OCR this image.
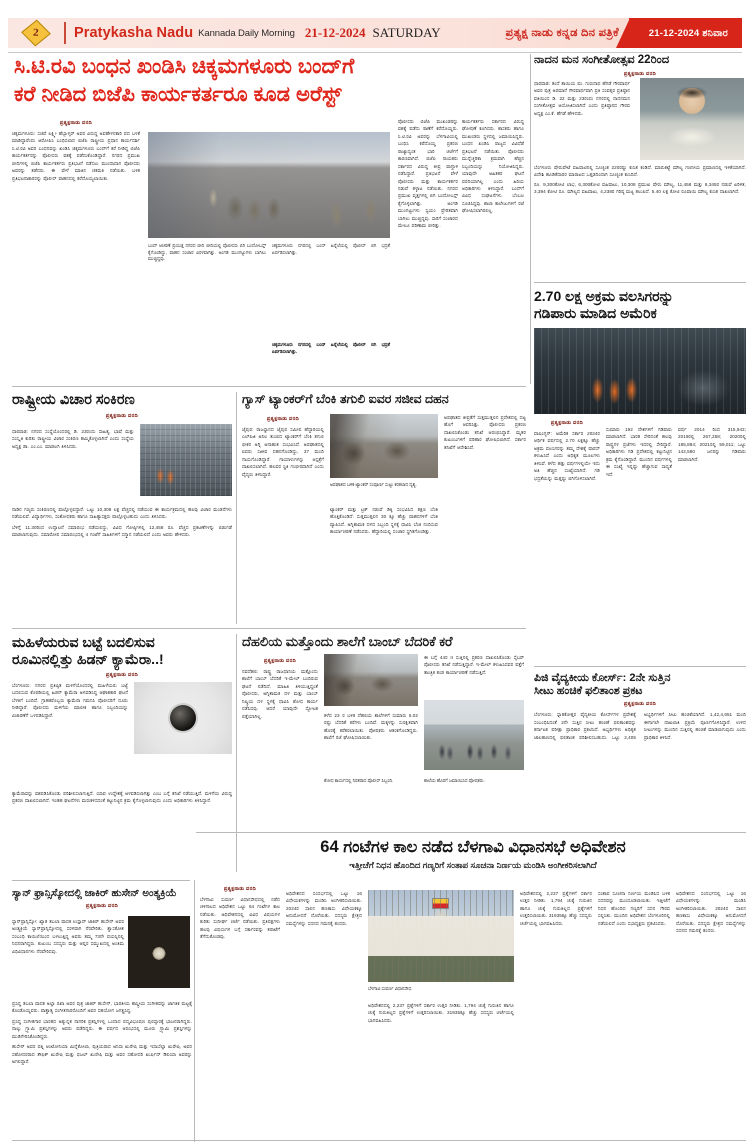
2 Pratykasha Nadu Kannada Daily Morning 21-12-2024 SATURDAY	ಪ್ರತ್ಯಕ್ಷ ನಾಡು ಕನ್ನಡ ದಿನ ಪತ್ರಿಕೆ	21-12-2024 ಶನಿವಾರ
ಸಿ.ಟಿ.ರವಿ ಬಂಧನ ಖಂಡಿಸಿ ಚಿಕ್ಕಮಗಳೂರು ಬಂದ್‌ಗೆ
ಕರೆ ನೀಡಿದ ಬಿಜೆಪಿ ಕಾರ್ಯಕರ್ತರೂ ಕೂಡ ಅರೆಸ್ಟ್
ಪ್ರತ್ಯಕ್ಷನಾಡು ವರದಿ
ಚಿಕ್ಕಮಗಳೂರು: ಸಚಿವೆ ಲಕ್ಷ್ಮೀ ಹೆಬ್ಬಾಳ್ಕರ್ ಅವರ ವಿರುದ್ಧ ಅವಹೇಳನಕಾರಿ ಪದ ಬಳಕೆ ಮಾಡಿದ್ದಾರೆಂದು ಆರೋಪಿಸಿ ಬಂಧಿಸಲಾದ ಬಿಜೆಪಿ ರಾಷ್ಟ್ರೀಯ ಪ್ರಧಾನ ಕಾರ್ಯದರ್ಶಿ ಸಿ.ಟಿ.ರವಿ ಅವರ ಬಂಧನವನ್ನು ಖಂಡಿಸಿ ಚಿಕ್ಕಮಗಳೂರು ಬಂದ್‌ಗೆ ಕರೆ ನೀಡಿದ್ದ ಬಿಜೆಪಿ ಕಾರ್ಯಕರ್ತರನ್ನು ಪೊಲೀಸರು ವಶಕ್ಕೆ ಪಡೆದುಕೊಂಡಿದ್ದಾರೆ. ನಗರದ ಪ್ರಮುಖ ಬೀದಿಗಳಲ್ಲಿ ಬಿಜೆಪಿ ಕಾರ್ಯಕರ್ತರು ಪ್ರತಿಭಟನೆ ನಡೆಸಲು ಮುಂದಾದಾಗ ಪೊಲೀಸರು ಅವರನ್ನು ತಡೆದರು. ಈ ವೇಳೆ ಮಾತಿನ ಚಕಮಕಿ ನಡೆಯಿತು. ಬಳಿಕ ಪ್ರತಿಭಟನಾಕಾರರನ್ನು ಪೊಲೀಸ್ ವಾಹನದಲ್ಲಿ ಕರೆದೊಯ್ಯಲಾಯಿತು.
ಬಂದ್ ಆಚರಣೆ ಪ್ರಯುಕ್ತ ನಗರದ ಬೀದಿ ಬೀದಿಯಲ್ಲಿ ಪೊಲೀಸರು ಬಿಗಿ ಬಂದೋಬಸ್ತ್ ಕೈಗೊಂಡಿದ್ದು, ವಾಹನ ಸಂಚಾರ ವಿರಳವಾಗಿತ್ತು. ಅಂಗಡಿ ಮುಂಗಟ್ಟುಗಳು ಬಾಗಿಲು ಮುಚ್ಚಿದ್ದವು.
ಚಿಕ್ಕಮಗಳೂರು ನಗರದಲ್ಲಿ ಬಂದ್ ಹಿನ್ನೆಲೆಯಲ್ಲಿ ಪೊಲೀಸ್ ಬಿಗಿ ಭದ್ರತೆ ಏರ್ಪಡಿಸಲಾಗಿತ್ತು.
ಚಿಕ್ಕಮಗಳೂರು ನಗರದಲ್ಲಿ ಬಂದ್ ಹಿನ್ನೆಲೆಯಲ್ಲಿ ಪೊಲೀಸ್ ಬಿಗಿ ಭದ್ರತೆ ಏರ್ಪಡಿಸಲಾಗಿತ್ತು.
ಪೊಲೀಸರು ಬಿಜೆಪಿ ಮುಖಂಡರನ್ನು ವಶಕ್ಕೆ ಪಡೆದು ಠಾಣೆಗೆ ಕರೆದೊಯ್ದರು. ಸಿ.ಟಿ.ರವಿ ಅವರನ್ನು ಬೆಳಗಾವಿಯಲ್ಲಿ ಬಂಧಿಸಿ ಕರೆದೊಯ್ದ ಪ್ರಕರಣ ರಾಜ್ಯಾದ್ಯಂತ ಭಾರಿ ಚರ್ಚೆಗೆ ಕಾರಣವಾಗಿದೆ. ಬಿಜೆಪಿ ನಾಯಕರು ಸರ್ಕಾರದ ವಿರುದ್ಧ ತೀವ್ರ ವಾಗ್ದಾಳಿ ನಡೆಸಿದ್ದಾರೆ. ಪ್ರತಿಭಟನೆ ವೇಳೆ ಪೊಲೀಸರು ಮತ್ತು ಕಾರ್ಯಕರ್ತರ ನಡುವೆ ತಳ್ಳಾಟ ನಡೆಯಿತು. ನಗರದ ಪ್ರಮುಖ ವೃತ್ತಗಳಲ್ಲಿ ಬಿಗಿ ಬಂದೋಬಸ್ತ್ ಕೈಗೊಳ್ಳಲಾಗಿತ್ತು. ಅಂಗಡಿ ಮುಂಗಟ್ಟುಗಳು ಸ್ವಯಂ ಪ್ರೇರಿತವಾಗಿ ಬಾಗಿಲು ಮುಚ್ಚಿದ್ದವು. ಸಾರಿಗೆ ಸಂಚಾರದ ಮೇಲೂ ಪರಿಣಾಮ ಬೀರಿತ್ತು.
ಕಾರ್ಯಕರ್ತರು ಸರ್ಕಾರದ ವಿರುದ್ಧ ಘೋಷಣೆ ಕೂಗಿದರು. ಶಾಸಕರು ಹಾಗೂ ಮುಖಂಡರು ಸ್ಥಳದಲ್ಲಿ ಜಮಾಯಿಸಿದ್ದರು. ಬಂಧನ ಖಂಡಿಸಿ ರಾಜ್ಯದ ವಿವಿಧೆಡೆ ಪ್ರತಿಭಟನೆ ನಡೆಯಿತು. ಪೊಲೀಸರು ಮುನ್ನೆಚ್ಚರಿಕಾ ಕ್ರಮವಾಗಿ ಹೆಚ್ಚಿನ ಸಿಬ್ಬಂದಿಯನ್ನು ನಿಯೋಜಿಸಿದ್ದರು. ಯಾವುದೇ ಅಹಿತಕರ ಘಟನೆ ವರದಿಯಾಗಿಲ್ಲ ಎಂದು ಹಿರಿಯ ಅಧಿಕಾರಿಗಳು ತಿಳಿಸಿದ್ದಾರೆ. ಬಂದ್‌ಗೆ ವಿವಿಧ ಸಂಘಟನೆಗಳು ಬೆಂಬಲ ಸೂಚಿಸಿದ್ದವು. ಶಾಲಾ ಕಾಲೇಜುಗಳಿಗೆ ರಜೆ ಘೋಷಿಸಲಾಗಿರಲಿಲ್ಲ.
ನಾದನ ಮನ ಸಂಗೀತೋತ್ಸವ 22ರಿಂದ
ಪ್ರತ್ಯಕ್ಷನಾಡು ವರದಿ
ಧಾರವಾಡ: ತಂದೆ ತಾಯಿಯ ಪಂ. ಗುರುನಾಥ ಹೆಗಡೆ ಗೌರವಾರ್ಥ ಅವರ ಪುತ್ರ ಅರಮಾನೆ ಗೌರವಾರ್ಥವಾಗಿ ಪ್ರತಿ ಸಂವತ್ಸರ ಪ್ರತಿಷ್ಠಾನ ವತಿಯಿಂದ ಡಿ. 22 ಮತ್ತು 23ರಂದು ನಗರದಲ್ಲಿ ನಾದನಮನ ಸಂಗೀತೋತ್ಸವ ಆಯೋಜಿಸಲಾಗಿದೆ ಎಂದು ಪ್ರತಿಷ್ಠಾನದ ಗೌರವ ಅಧ್ಯಕ್ಷ ಎಂ.ಕೆ. ಹೆಗಡೆ ಹೇಳಿದರು.
ಬೆಂಗಳೂರು ಷೇರುಪೇಟೆ ವಹಿವಾಟಿನಲ್ಲಿ ಸೂಚ್ಯಂಕ 220ರಷ್ಟು ಕುಸಿತ ಕಂಡಿದೆ. ಮಾರುಕಟ್ಟೆ ಮೌಲ್ಯ ಗಣನೀಯ ಪ್ರಮಾಣದಲ್ಲಿ ಇಳಿಕೆಯಾಗಿದೆ. ವಿದೇಶಿ ಹೂಡಿಕೆದಾರರ ಮಾರಾಟದ ಒತ್ತಡದಿಂದಾಗಿ ಸೂಚ್ಯಂಕ ಕುಸಿದಿದೆ.
ರೂ. 9,300ಕೋಟಿ ಲಾಭ, 6,300ಕೋಟಿ ವಹಿವಾಟು, 10,308 ಪ್ರಮುಖ ಷೇರು ಮೌಲ್ಯ, 11,458 ಮತ್ತು 8,345ರ ನಡುವೆ ಏರಿಳಿತ, 3,394 ಕೋಟಿ ರೂ. ಮೌಲ್ಯದ ವಹಿವಾಟು, 4,238ರ ಗರಿಷ್ಠ ಮಟ್ಟ ತಲುಪಿದೆ. 5.40 ಲಕ್ಷ ಕೋಟಿ ರೂಪಾಯಿ ಮೌಲ್ಯ ಕುಸಿತ ದಾಖಲಾಗಿದೆ.
2.70 ಲಕ್ಷ ಅಕ್ರಮ ವಲಸಿಗರನ್ನು
ಗಡಿಪಾರು ಮಾಡಿದ ಅಮೆರಿಕ
ಪ್ರತ್ಯಕ್ಷನಾಡು ವರದಿ
ವಾಷಿಂಗ್ಟನ್: ಅಮೆರಿಕ ಸರ್ಕಾರ 2024ರ ಆರ್ಥಿಕ ವರ್ಷದಲ್ಲಿ 2.70 ಲಕ್ಷಕ್ಕೂ ಹೆಚ್ಚು ಅಕ್ರಮ ವಲಸಿಗರನ್ನು ತಮ್ಮ ದೇಶಕ್ಕೆ ವಾಪಸ್ ಕಳುಹಿಸಿದೆ ಎಂದು ಅಧಿಕೃತ ಮೂಲಗಳು ತಿಳಿಸಿವೆ. ಕಳೆದ ಹತ್ತು ವರ್ಷಗಳಲ್ಲಿಯೇ ಇದು ಅತಿ ಹೆಚ್ಚಿನ ಸಂಖ್ಯೆಯಾಗಿದೆ. ಗಡಿ ಭದ್ರತೆಯನ್ನು ಮತ್ತಷ್ಟು ಬಿಗಿಗೊಳಿಸಲಾಗಿದೆ.
ಸುಮಾರು 192 ದೇಶಗಳಿಗೆ ಗಡಿಪಾರು ಮಾಡಲಾಗಿದೆ. ಭಾರತ ಸೇರಿದಂತೆ ಹಲವು ರಾಷ್ಟ್ರಗಳ ಪ್ರಜೆಗಳು ಇದರಲ್ಲಿ ಸೇರಿದ್ದಾರೆ. ಅಧಿಕಾರಿಗಳು ಗಡಿ ಪ್ರದೇಶದಲ್ಲಿ ಕಟ್ಟುನಿಟ್ಟಿನ ಕ್ರಮ ಕೈಗೊಂಡಿದ್ದಾರೆ. ಮುಂದಿನ ವರ್ಷಗಳಲ್ಲಿ ಈ ಸಂಖ್ಯೆ ಇನ್ನಷ್ಟು ಹೆಚ್ಚಾಗುವ ಸಾಧ್ಯತೆ ಇದೆ.
ವರ್ಷ 2014 ರಿಂದ 315,943; 2019ರಲ್ಲಿ 267,258; 2020ರಲ್ಲಿ 185,884; 2021ರಲ್ಲಿ 59,011; ಒಟ್ಟು 142,580 ಜನರನ್ನು ಗಡಿಪಾರು ಮಾಡಲಾಗಿದೆ.
ಪಿಜಿ ವೈದ್ಯಕೀಯ ಕೋರ್ಸ್: 2ನೇ ಸುತ್ತಿನ
ಸೀಟು ಹಂಚಿಕೆ ಫಲಿತಾಂಶ ಪ್ರಕಟ
ಪ್ರತ್ಯಕ್ಷನಾಡು ವರದಿ
ಬೆಂಗಳೂರು: ಸ್ನಾತಕೋತ್ತರ ವೈದ್ಯಕೀಯ ಕೋರ್ಸ್‌ಗಳ ಪ್ರವೇಶಕ್ಕೆ ಸಂಬಂಧಿಸಿದಂತೆ 2ನೇ ಸುತ್ತಿನ ಸೀಟು ಹಂಚಿಕೆ ಫಲಿತಾಂಶವನ್ನು ಕರ್ನಾಟಕ ಪರೀಕ್ಷಾ ಪ್ರಾಧಿಕಾರ ಪ್ರಕಟಿಸಿದೆ. ಅಭ್ಯರ್ಥಿಗಳು ಅಧಿಕೃತ ಜಾಲತಾಣದಲ್ಲಿ ಫಲಿತಾಂಶ ಪರಿಶೀಲಿಸಬಹುದು. ಒಟ್ಟು 2,405 ಅಭ್ಯರ್ಥಿಗಳಿಗೆ ಸೀಟು ಹಂಚಿಕೆಯಾಗಿದೆ. 1,42,4,651 ಮಂದಿ ಈಗಾಗಲೇ ದಾಖಲಾತಿ ಪ್ರಕ್ರಿಯೆ ಪೂರ್ಣಗೊಳಿಸಿದ್ದಾರೆ. ಉಳಿದ ಸೀಟುಗಳನ್ನು ಮುಂದಿನ ಸುತ್ತಿನಲ್ಲಿ ಹಂಚಿಕೆ ಮಾಡಲಾಗುವುದು ಎಂದು ಪ್ರಾಧಿಕಾರ ತಿಳಿಸಿದೆ.
ರಾಷ್ಟ್ರೀಯ ವಿಚಾರ ಸಂಕಿರಣ
ಪ್ರತ್ಯಕ್ಷನಾಡು ವರದಿ
ಧಾರವಾಡ: ನಗರದ ಸಂಸ್ಥೆಯೊಂದರಲ್ಲಿ ಡಿ. 23ರಂದು ಸಾಹಿತ್ಯ, ಭಾಷೆ ಮತ್ತು ಸಂಸ್ಕೃತಿ ಕುರಿತು ರಾಷ್ಟ್ರೀಯ ವಿಚಾರ ಸಂಕಿರಣ ಹಮ್ಮಿಕೊಳ್ಳಲಾಗಿದೆ ಎಂದು ಸಂಸ್ಥೆಯ ಅಧ್ಯಕ್ಷ ಡಾ. ಎಂ.ಎಂ. ಮಾಡಲಗಿ ತಿಳಿಸಿದರು.
ನಾಡಿನ ಗಣ್ಯರು ಸಂಕಿರಣದಲ್ಲಿ ಪಾಲ್ಗೊಳ್ಳಲಿದ್ದಾರೆ. ಒಟ್ಟು 10,308 ಲಕ್ಷ ವೆಚ್ಚದಲ್ಲಿ ನಡೆಯುವ ಈ ಕಾರ್ಯಕ್ರಮದಲ್ಲಿ ಹಲವು ವಿಚಾರ ಮಂಡನೆಗಳು ನಡೆಯಲಿವೆ. ವಿದ್ಯಾರ್ಥಿಗಳು, ಸಂಶೋಧಕರು ಹಾಗೂ ಸಾಹಿತ್ಯಾಸಕ್ತರು ಪಾಲ್ಗೊಳ್ಳಬಹುದು ಎಂದು ತಿಳಿಸಿದರು.
ಬೆಳಿಗ್ಗೆ 11.30ರಿಂದ ಉದ್ಘಾಟನೆ ಸಮಾರಂಭ ನಡೆಯಲಿದ್ದು, ವಿವಿಧ ಗೋಷ್ಠಿಗಳಲ್ಲಿ 12,458 ರೂ. ವೆಚ್ಚದ ಪ್ರಕಟಣೆಗಳನ್ನು ಬಿಡುಗಡೆ ಮಾಡಲಾಗುವುದು. ಸಮಾರೋಪ ಸಮಾರಂಭದಲ್ಲಿ 4 ಗಂಟೆಗೆ ಸಾಹಿತಿಗಳಿಗೆ ಸನ್ಮಾನ ನಡೆಯಲಿದೆ ಎಂದು ಅವರು ಹೇಳಿದರು.
ಗ್ಯಾಸ್ ಟ್ಯಾಂಕರ್‌ಗೆ ಬೆಂಕಿ ತಗುಲಿ ಐವರ ಸಜೀವ ದಹನ
ಪ್ರತ್ಯಕ್ಷನಾಡು ವರದಿ
ಜೈಪುರ: ರಾಜಸ್ಥಾನದ ಜೈಪುರ ಸಮೀಪ ಹೆದ್ದಾರಿಯಲ್ಲಿ ಎಲ್‌ಪಿಜಿ ಅನಿಲ ತುಂಬಿದ ಟ್ಯಾಂಕರ್‌ಗೆ ಬೆಂಕಿ ತಗುಲಿ ಭೀಕರ ಅಗ್ನಿ ಅನಾಹುತ ಸಂಭವಿಸಿದೆ. ಅಪಘಾತದಲ್ಲಿ ಐವರು ಸಜೀವ ದಹನಗೊಂಡಿದ್ದು, 37 ಮಂದಿ ಗಾಯಗೊಂಡಿದ್ದಾರೆ. ಗಾಯಾಳುಗಳನ್ನು ಆಸ್ಪತ್ರೆಗೆ ದಾಖಲಿಸಲಾಗಿದೆ. ಹಲವರ ಸ್ಥಿತಿ ಗಂಭೀರವಾಗಿದೆ ಎಂದು ವೈದ್ಯರು ತಿಳಿಸಿದ್ದಾರೆ.
ಅಪಘಾತದ ಬಳಿಕ ಟ್ಯಾಂಕರ್ ಸಂಪೂರ್ಣ ಸುಟ್ಟು ಕರಕಲಾದ ದೃಶ್ಯ.
ಟ್ಯಾಂಕರ್ ಮತ್ತು ಟ್ರಕ್ ನಡುವೆ ಡಿಕ್ಕಿ ಸಂಭವಿಸಿದ ತಕ್ಷಣ ಬೆಂಕಿ ಹೊತ್ತಿಕೊಂಡಿದೆ. ಸುತ್ತಮುತ್ತಲಿನ 30 ಕ್ಕೂ ಹೆಚ್ಚು ವಾಹನಗಳಿಗೆ ಬೆಂಕಿ ವ್ಯಾಪಿಸಿದೆ. ಅಗ್ನಿಶಾಮಕ ದಳದ ಸಿಬ್ಬಂದಿ ಸ್ಥಳಕ್ಕೆ ಧಾವಿಸಿ ಬೆಂಕಿ ನಂದಿಸುವ ಕಾರ್ಯಾಚರಣೆ ನಡೆಸಿದರು. ಹೆದ್ದಾರಿಯಲ್ಲಿ ಸಂಚಾರ ಸ್ಥಗಿತಗೊಂಡಿತ್ತು.
ಅಪಘಾತದ ತೀವ್ರತೆಗೆ ಸುತ್ತಮುತ್ತಲಿನ ಪ್ರದೇಶದಲ್ಲಿ ದಟ್ಟ ಹೊಗೆ ಆವರಿಸಿತ್ತು. ಪೊಲೀಸರು ಪ್ರಕರಣ ದಾಖಲಿಸಿಕೊಂಡು ತನಿಖೆ ಆರಂಭಿಸಿದ್ದಾರೆ. ಮೃತರ ಕುಟುಂಬಗಳಿಗೆ ಪರಿಹಾರ ಘೋಷಿಸಲಾಗಿದೆ. ಸರ್ಕಾರ ತನಿಖೆಗೆ ಆದೇಶಿಸಿದೆ.
ಮಹಿಳೆಯರುವ ಬಟ್ಟೆ ಬದಲಿಸುವ
ರೂಮಿನಲ್ಲಿತ್ತು ಹಿಡನ್ ಕ್ಯಾಮೆರಾ..!
ಪ್ರತ್ಯಕ್ಷನಾಡು ವರದಿ
ಬೆಂಗಳೂರು: ನಗರದ ಪ್ರತಿಷ್ಠಿತ ಮಳಿಗೆಯೊಂದರಲ್ಲಿ ಮಹಿಳೆಯರು ಬಟ್ಟೆ ಬದಲಿಸುವ ಕೊಠಡಿಯಲ್ಲಿ ಹಿಡನ್ ಕ್ಯಾಮೆರಾ ಅಳವಡಿಸಿದ್ದ ಆಘಾತಕಾರಿ ಘಟನೆ ಬೆಳಕಿಗೆ ಬಂದಿದೆ. ಗ್ರಾಹಕರೊಬ್ಬರು ಕ್ಯಾಮೆರಾ ಗಮನಿಸಿ ಪೊಲೀಸರಿಗೆ ದೂರು ನೀಡಿದ್ದಾರೆ. ಪೊಲೀಸರು ಮಳಿಗೆಯ ಮಾಲೀಕ ಹಾಗೂ ಸಿಬ್ಬಂದಿಯನ್ನು ವಿಚಾರಣೆಗೆ ಒಳಪಡಿಸಿದ್ದಾರೆ.
ಕ್ಯಾಮೆರಾವನ್ನು ವಶಪಡಿಸಿಕೊಂಡು ಪರಿಶೀಲಿಸಲಾಗುತ್ತಿದೆ. ಯಾವ ಉದ್ದೇಶಕ್ಕೆ ಅಳವಡಿಸಲಾಗಿತ್ತು ಎಂಬ ಬಗ್ಗೆ ತನಿಖೆ ನಡೆಯುತ್ತಿದೆ. ಮಳಿಗೆಯ ವಿರುದ್ಧ ಪ್ರಕರಣ ದಾಖಲಿಸಲಾಗಿದೆ. ಇಂತಹ ಘಟನೆಗಳು ಮರುಕಳಿಸದಂತೆ ಕಟ್ಟುನಿಟ್ಟಿನ ಕ್ರಮ ಕೈಗೊಳ್ಳಲಾಗುವುದು ಎಂದು ಅಧಿಕಾರಿಗಳು ತಿಳಿಸಿದ್ದಾರೆ.
ದೆಹಲಿಯ ಮತ್ತೊಂದು ಶಾಲೆಗೆ ಬಾಂಬ್ ಬೆದರಿಕೆ ಕರೆ
ಪ್ರತ್ಯಕ್ಷನಾಡು ವರದಿ
ನವದೆಹಲಿ: ರಾಷ್ಟ್ರ ರಾಜಧಾನಿಯ ಮತ್ತೊಂದು ಶಾಲೆಗೆ ಬಾಂಬ್ ಬೆದರಿಕೆ ಇ-ಮೇಲ್ ಬಂದಿರುವ ಘಟನೆ ನಡೆದಿದೆ. ಮಾಹಿತಿ ತಿಳಿಯುತ್ತಿದ್ದಂತೆ ಪೊಲೀಸರು, ಅಗ್ನಿಶಾಮಕ ದಳ ಮತ್ತು ಬಾಂಬ್ ನಿಷ್ಕ್ರಿಯ ದಳ ಸ್ಥಳಕ್ಕೆ ಧಾವಿಸಿ ಶೋಧ ಕಾರ್ಯ ನಡೆಸಿದವು. ಆದರೆ ಯಾವುದೇ ಸ್ಫೋಟಕ ಪತ್ತೆಯಾಗಿಲ್ಲ.	ಕಳೆದ 23 ರ ಬಳಿಕ ದೆಹಲಿಯ ಶಾಲೆಗಳಿಗೆ ಸುಮಾರು 5.02 ರಷ್ಟು ಬೆದರಿಕೆ ಕರೆಗಳು ಬಂದಿವೆ. ಮಕ್ಕಳನ್ನು ಸುರಕ್ಷಿತವಾಗಿ ಹೊರಕ್ಕೆ ಕರೆತರಲಾಯಿತು. ಪೋಷಕರು ಆತಂಕಗೊಂಡಿದ್ದರು. ಶಾಲೆಗೆ ರಜೆ ಘೋಷಿಸಲಾಯಿತು.
ಶೋಧ ಕಾರ್ಯದಲ್ಲಿ ನಿರತರಾದ ಪೊಲೀಸ್ ಸಿಬ್ಬಂದಿ.	ಶಾಲೆಯ ಹೊರಗೆ ಜಮಾಯಿಸಿದ ಪೋಷಕರು.
ಈ ಬಗ್ಗೆ 44ರ II ಸುತ್ತಿನಲ್ಲಿ ಪ್ರಕರಣ ದಾಖಲಿಸಿಕೊಂಡು ಸೈಬರ್ ಪೊಲೀಸರು ತನಿಖೆ ನಡೆಸುತ್ತಿದ್ದಾರೆ. ಇ-ಮೇಲ್ ಕಳುಹಿಸಿದವರ ಪತ್ತೆಗೆ ತಾಂತ್ರಿಕ ತಂಡ ಕಾರ್ಯಾಚರಣೆ ನಡೆಸುತ್ತಿದೆ.
64 ಗಂಟೆಗಳ ಕಾಲ ನಡೆದ ಬೆಳಗಾವಿ ವಿಧಾನಸಭೆ ಅಧಿವೇಶನ
ಇತ್ತೀಚೆಗೆ ನಿಧನ ಹೊಂದಿದ ಗಣ್ಯರಿಗೆ ಸಂತಾಪ ಸೂಚನಾ ನಿರ್ಣಯ ಮಂಡಿಸಿ ಅಂಗೀಕರಿಸಲಾಗಿದೆ
ಪ್ರತ್ಯಕ್ಷನಾಡು ವರದಿ
ಬೆಳಗಾವಿ: ಸುವರ್ಣ ವಿಧಾನಸೌಧದಲ್ಲಿ ನಡೆದ ಚಳಿಗಾಲದ ಅಧಿವೇಶನ ಒಟ್ಟು 64 ಗಂಟೆಗಳ ಕಾಲ ನಡೆಯಿತು. ಅಧಿವೇಶನದಲ್ಲಿ ವಿವಿಧ ವಿಷಯಗಳ ಕುರಿತು ಸುದೀರ್ಘ ಚರ್ಚೆ ನಡೆಯಿತು. ಪ್ರತಿಪಕ್ಷಗಳು ಹಲವು ವಿಷಯಗಳ ಬಗ್ಗೆ ಸರ್ಕಾರವನ್ನು ತರಾಟೆಗೆ ತೆಗೆದುಕೊಂಡವು.
ಅಧಿವೇಶನದ ಸಂದರ್ಭದಲ್ಲಿ ಒಟ್ಟು 16 ವಿಧೇಯಕಗಳನ್ನು ಮಂಡಿಸಿ ಅಂಗೀಕರಿಸಲಾಯಿತು. 2024ರ ಸಾಲಿನ ಹಣಕಾಸು ವಿಧೇಯಕಕ್ಕೂ ಅನುಮೋದನೆ ದೊರೆಯಿತು. ಸದಸ್ಯರು ಕ್ಷೇತ್ರದ ಸಮಸ್ಯೆಗಳನ್ನು ಸದನದ ಗಮನಕ್ಕೆ ತಂದರು.
ಬೆಳಗಾವಿ ಸುವರ್ಣ ವಿಧಾನಸೌಧ.
ಅಧಿವೇಶನದಲ್ಲಿ 2,237 ಪ್ರಶ್ನೆಗಳಿಗೆ ಸರ್ಕಾರ ಉತ್ತರ ನೀಡಿತು. 1,794 ಚುಕ್ಕೆ ಗುರುತಿನ ಹಾಗೂ ಚುಕ್ಕೆ ಗುರುತಿಲ್ಲದ ಪ್ರಶ್ನೆಗಳಿಗೆ ಉತ್ತರಿಸಲಾಯಿತು. 31935ಕ್ಕೂ ಹೆಚ್ಚು ಸದಸ್ಯರು ಚರ್ಚೆಯಲ್ಲಿ ಭಾಗವಹಿಸಿದರು.
ಅಧಿವೇಶನದಲ್ಲಿ 2,237 ಪ್ರಶ್ನೆಗಳಿಗೆ ಸರ್ಕಾರ ಉತ್ತರ ನೀಡಿತು. 1,794 ಚುಕ್ಕೆ ಗುರುತಿನ ಹಾಗೂ ಚುಕ್ಕೆ ಗುರುತಿಲ್ಲದ ಪ್ರಶ್ನೆಗಳಿಗೆ ಉತ್ತರಿಸಲಾಯಿತು. 31935ಕ್ಕೂ ಹೆಚ್ಚು ಸದಸ್ಯರು ಚರ್ಚೆಯಲ್ಲಿ ಭಾಗವಹಿಸಿದರು.
ಸಂತಾಪ ಸೂಚನಾ ನಿರ್ಣಯ ಮಂಡಿಸಿದ ಬಳಿಕ ಸದನವನ್ನು ಮುಂದೂಡಲಾಯಿತು. ಇತ್ತೀಚೆಗೆ ನಿಧನ ಹೊಂದಿದ ಗಣ್ಯರಿಗೆ ಸದನ ಗೌರವ ಸಲ್ಲಿಸಿತು. ಮುಂದಿನ ಅಧಿವೇಶನ ಬೆಂಗಳೂರಿನಲ್ಲಿ ನಡೆಯಲಿದೆ ಎಂದು ಸಭಾಧ್ಯಕ್ಷರು ಪ್ರಕಟಿಸಿದರು.
ಅಧಿವೇಶನದ ಸಂದರ್ಭದಲ್ಲಿ ಒಟ್ಟು 16 ವಿಧೇಯಕಗಳನ್ನು ಮಂಡಿಸಿ ಅಂಗೀಕರಿಸಲಾಯಿತು. 2024ರ ಸಾಲಿನ ಹಣಕಾಸು ವಿಧೇಯಕಕ್ಕೂ ಅನುಮೋದನೆ ದೊರೆಯಿತು. ಸದಸ್ಯರು ಕ್ಷೇತ್ರದ ಸಮಸ್ಯೆಗಳನ್ನು ಸದನದ ಗಮನಕ್ಕೆ ತಂದರು.
ಸ್ಯಾನ್ ಫ್ರಾನ್ಸಿಸ್ಕೋದಲ್ಲಿ ಜಾಕಿರ್ ಹುಸೇನ್ ಅಂತ್ಯಕ್ರಿಯೆ
ಪ್ರತ್ಯಕ್ಷನಾಡು ವರದಿ
ಸ್ಯಾನ್‌ಫ್ರಾನ್ಸಿಸ್ಕೋ: ಖ್ಯಾತ ತಬಲಾ ವಾದಕ ಉಸ್ತಾದ್ ಜಾಕಿರ್ ಹುಸೇನ್ ಅವರ ಅಂತ್ಯಕ್ರಿಯೆ ಸ್ಯಾನ್‌ಫ್ರಾನ್ಸಿಸ್ಕೋದಲ್ಲಿ ಸರಳವಾಗಿ ನೆರವೇರಿತು. ಶ್ವಾಸಕೋಶ ಸಂಬಂಧಿ ಕಾಯಿಲೆಯಿಂದ ಬಳಲುತ್ತಿದ್ದ ಅವರು ತಮ್ಮ 73ನೇ ವಯಸ್ಸಿನಲ್ಲಿ ನಿಧನರಾಗಿದ್ದರು. ಕುಟುಂಬ ಸದಸ್ಯರು ಮತ್ತು ಆಪ್ತರ ಸಮ್ಮುಖದಲ್ಲಿ ಅಂತಿಮ ವಿಧಿವಿಧಾನಗಳು ನೆರವೇರಿದವು.
ಪ್ರಸಿದ್ಧ ತಬಲಾ ವಾದಕ ಅಲ್ಲಾ ರಖಾ ಅವರ ಪುತ್ರ ಜಾಕಿರ್ ಹುಸೇನ್, ಭಾರತೀಯ ಶಾಸ್ತ್ರೀಯ ಸಂಗೀತವನ್ನು ಜಾಗತಿಕ ಮಟ್ಟಕ್ಕೆ ಕೊಂಡೊಯ್ದವರು. ಪಾಶ್ಚಾತ್ಯ ಸಂಗೀತಗಾರರೊಂದಿಗೆ ಅವರ ಸಹಯೋಗ ಜಗತ್ಪ್ರಸಿದ್ಧ.
ಪ್ರಸಿದ್ಧ ಸಂಗೀತಗಾರ ಭಾರತದ ಅತ್ಯುನ್ನತ ನಾಗರಿಕ ಪ್ರಶಸ್ತಿಗಳಲ್ಲಿ ಒಂದಾದ ಪದ್ಮವಿಭೂಷಣ ಪುರಸ್ಕಾರಕ್ಕೆ ಭಾಜನರಾಗಿದ್ದರು. ನಾಲ್ಕು ಗ್ರ್ಯಾಮಿ ಪ್ರಶಸ್ತಿಗಳನ್ನು ಅವರು ಪಡೆದಿದ್ದರು. ಈ ವರ್ಷದ ಆರಂಭದಲ್ಲಿ ಮೂರು ಗ್ರ್ಯಾಮಿ ಪ್ರಶಸ್ತಿಗಳನ್ನು ಮುಡಿಗೇರಿಸಿಕೊಂಡಿದ್ದರು.
ಹುಸೇನ್ ಅವರ ಪತ್ನಿ ಆಂಟೋನಿಯಾ ಮಿನ್ನೆಕೋಲಾ, ಪುತ್ರಿಯರಾದ ಅನಿಸಾ ಖುರೇಷಿ ಮತ್ತು ಇಸಾಬೆಲ್ಲಾ ಖುರೇಷಿ, ಅವರ ಸಹೋದರರಾದ ತೌಫಿಕ್ ಖುರೇಷಿ ಮತ್ತು ಫಜಲ್ ಖುರೇಷಿ ಮತ್ತು ಅವರ ಸಹೋದರಿ ಖುರ್ಷಿದ್ ಔಲಿಯಾ ಅವರನ್ನು ಅಗಲಿದ್ದಾರೆ.
